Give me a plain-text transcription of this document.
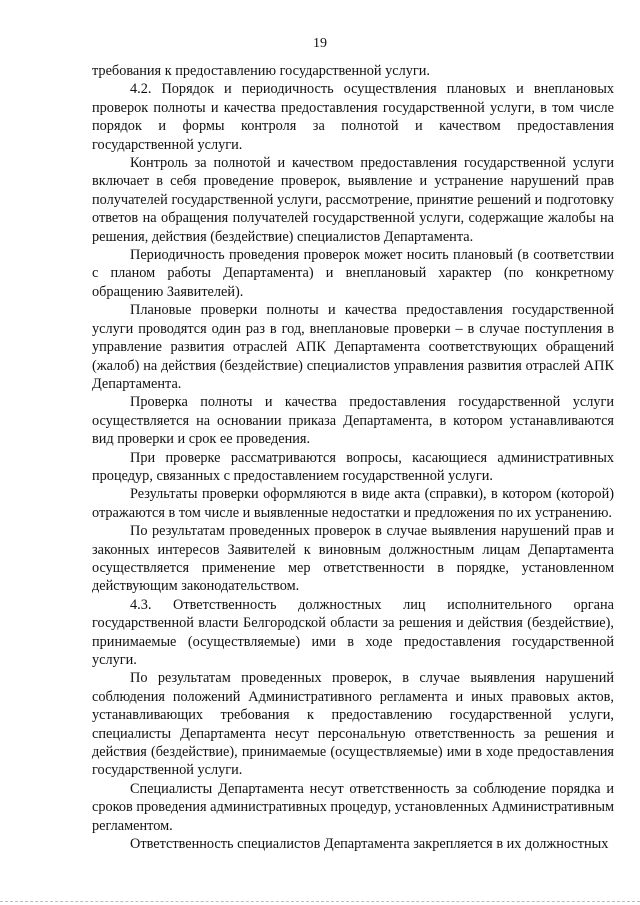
19

требования к предоставлению государственной услуги.

4.2. Порядок и периодичность осуществления плановых и внеплановых проверок полноты и качества предоставления государственной услуги, в том числе порядок и формы контроля за полнотой и качеством предоставления государственной услуги.

Контроль за полнотой и качеством предоставления государственной услуги включает в себя проведение проверок, выявление и устранение нарушений прав получателей государственной услуги, рассмотрение, принятие решений и подготовку ответов на обращения получателей государственной услуги, содержащие жалобы на решения, действия (бездействие) специалистов Департамента.

Периодичность проведения проверок может носить плановый (в соответствии с планом работы Департамента) и внеплановый характер (по конкретному обращению Заявителей).

Плановые проверки полноты и качества предоставления государственной услуги проводятся один раз в год, внеплановые проверки – в случае поступления в управление развития отраслей АПК Департамента соответствующих обращений (жалоб) на действия (бездействие) специалистов управления развития отраслей АПК Департамента.

Проверка полноты и качества предоставления государственной услуги осуществляется на основании приказа Департамента, в котором устанавливаются вид проверки и срок ее проведения.

При проверке рассматриваются вопросы, касающиеся административных процедур, связанных с предоставлением государственной услуги.

Результаты проверки оформляются в виде акта (справки), в котором (которой) отражаются в том числе и выявленные недостатки и предложения по их устранению.

По результатам проведенных проверок в случае выявления нарушений прав и законных интересов Заявителей к виновным должностным лицам Департамента осуществляется применение мер ответственности в порядке, установленном действующим законодательством.

4.3. Ответственность должностных лиц исполнительного органа государственной власти Белгородской области за решения и действия (бездействие), принимаемые (осуществляемые) ими в ходе предоставления государственной услуги.

По результатам проведенных проверок, в случае выявления нарушений соблюдения положений Административного регламента и иных правовых актов, устанавливающих требования к предоставлению государственной услуги, специалисты Департамента несут персональную ответственность за решения и действия (бездействие), принимаемые (осуществляемые) ими в ходе предоставления государственной услуги.

Специалисты Департамента несут ответственность за соблюдение порядка и сроков проведения административных процедур, установленных Административным регламентом.

Ответственность специалистов Департамента закрепляется в их должностных
